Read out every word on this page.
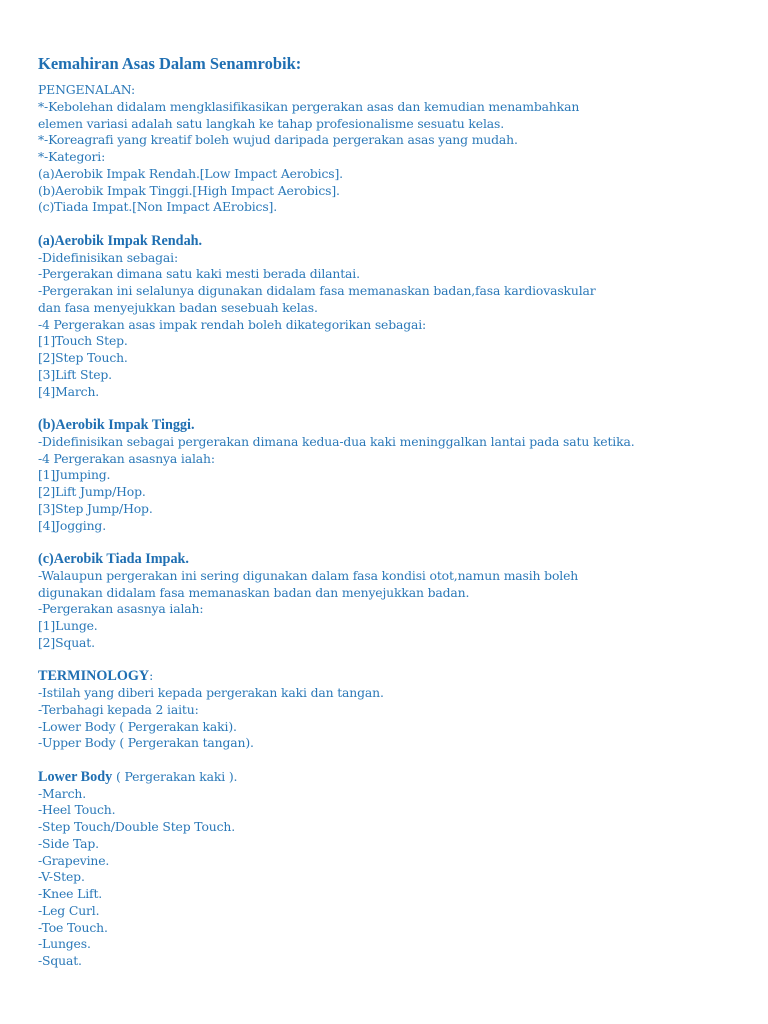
Kemahiran Asas Dalam Senamrobik:
PENGENALAN:
*-Kebolehan didalam mengklasifikasikan pergerakan asas dan kemudian menambahkan
elemen variasi adalah satu langkah ke tahap profesionalisme sesuatu kelas.
*-Koreagrafi yang kreatif boleh wujud daripada pergerakan asas yang mudah.
*-Kategori:
(a)Aerobik Impak Rendah.[Low Impact Aerobics].
(b)Aerobik Impak Tinggi.[High Impact Aerobics].
(c)Tiada Impat.[Non Impact AErobics].
(a)Aerobik Impak Rendah.
-Didefinisikan sebagai:
-Pergerakan dimana satu kaki mesti berada dilantai.
-Pergerakan ini selalunya digunakan didalam fasa memanaskan badan,fasa kardiovaskular
dan fasa menyejukkan badan sesebuah kelas.
-4 Pergerakan asas impak rendah boleh dikategorikan sebagai:
[1]Touch Step.
[2]Step Touch.
[3]Lift Step.
[4]March.
(b)Aerobik Impak Tinggi.
-Didefinisikan sebagai pergerakan dimana kedua-dua kaki meninggalkan lantai pada satu ketika.
-4 Pergerakan asasnya ialah:
[1]Jumping.
[2]Lift Jump/Hop.
[3]Step Jump/Hop.
[4]Jogging.
(c)Aerobik Tiada Impak.
-Walaupun pergerakan ini sering digunakan dalam fasa kondisi otot,namun masih boleh
digunakan didalam fasa memanaskan badan dan menyejukkan badan.
-Pergerakan asasnya ialah:
[1]Lunge.
[2]Squat.
TERMINOLOGY:
-Istilah yang diberi kepada pergerakan kaki dan tangan.
-Terbahagi kepada 2 iaitu:
-Lower Body ( Pergerakan kaki).
-Upper Body ( Pergerakan tangan).
Lower Body ( Pergerakan kaki ).
-March.
-Heel Touch.
-Step Touch/Double Step Touch.
-Side Tap.
-Grapevine.
-V-Step.
-Knee Lift.
-Leg Curl.
-Toe Touch.
-Lunges.
-Squat.
